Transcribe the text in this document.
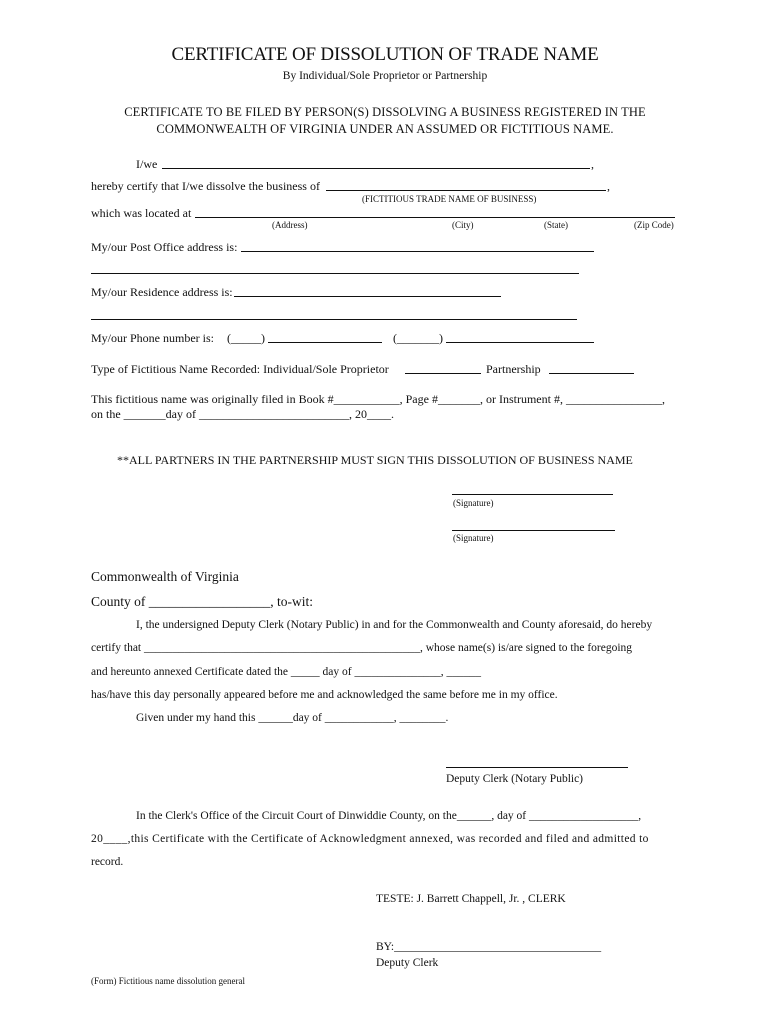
CERTIFICATE OF DISSOLUTION OF TRADE NAME
By Individual/Sole Proprietor or Partnership
CERTIFICATE TO BE FILED BY PERSON(S) DISSOLVING A BUSINESS REGISTERED IN THE
COMMONWEALTH OF VIRGINIA UNDER AN ASSUMED OR FICTITIOUS NAME.
I/we	,
hereby certify that I/we dissolve the business of	,
(FICTITIOUS TRADE NAME OF BUSINESS)
which was located at
(Address)	(City)	(State)	(Zip Code)
My/our Post Office address is:
My/our Residence address is:
My/our Phone number is: (_____)	(_______)
Type of Fictitious Name Recorded: Individual/Sole Proprietor	Partnership
This fictitious name was originally filed in Book #___________, Page #_______, or Instrument #, ________________,
on the _______day of _________________________, 20____.
**ALL PARTNERS IN THE PARTNERSHIP MUST SIGN THIS DISSOLUTION OF BUSINESS NAME
(Signature)
(Signature)
Commonwealth of Virginia
County of __________________, to-wit:
I, the undersigned Deputy Clerk (Notary Public) in and for the Commonwealth and County aforesaid, do hereby
certify that ________________________________________________, whose name(s) is/are signed to the foregoing
and hereunto annexed Certificate dated the _____ day of _______________, ______
has/have this day personally appeared before me and acknowledged the same before me in my office.
Given under my hand this ______day of ____________, ________.
Deputy Clerk (Notary Public)
In the Clerk's Office of the Circuit Court of Dinwiddie County, on the______, day of ___________________,
20____,this Certificate with the Certificate of Acknowledgment annexed, was recorded and filed and admitted to
record.
TESTE: J. Barrett Chappell, Jr. , CLERK
BY:____________________________________
Deputy Clerk
(Form) Fictitious name dissolution general
